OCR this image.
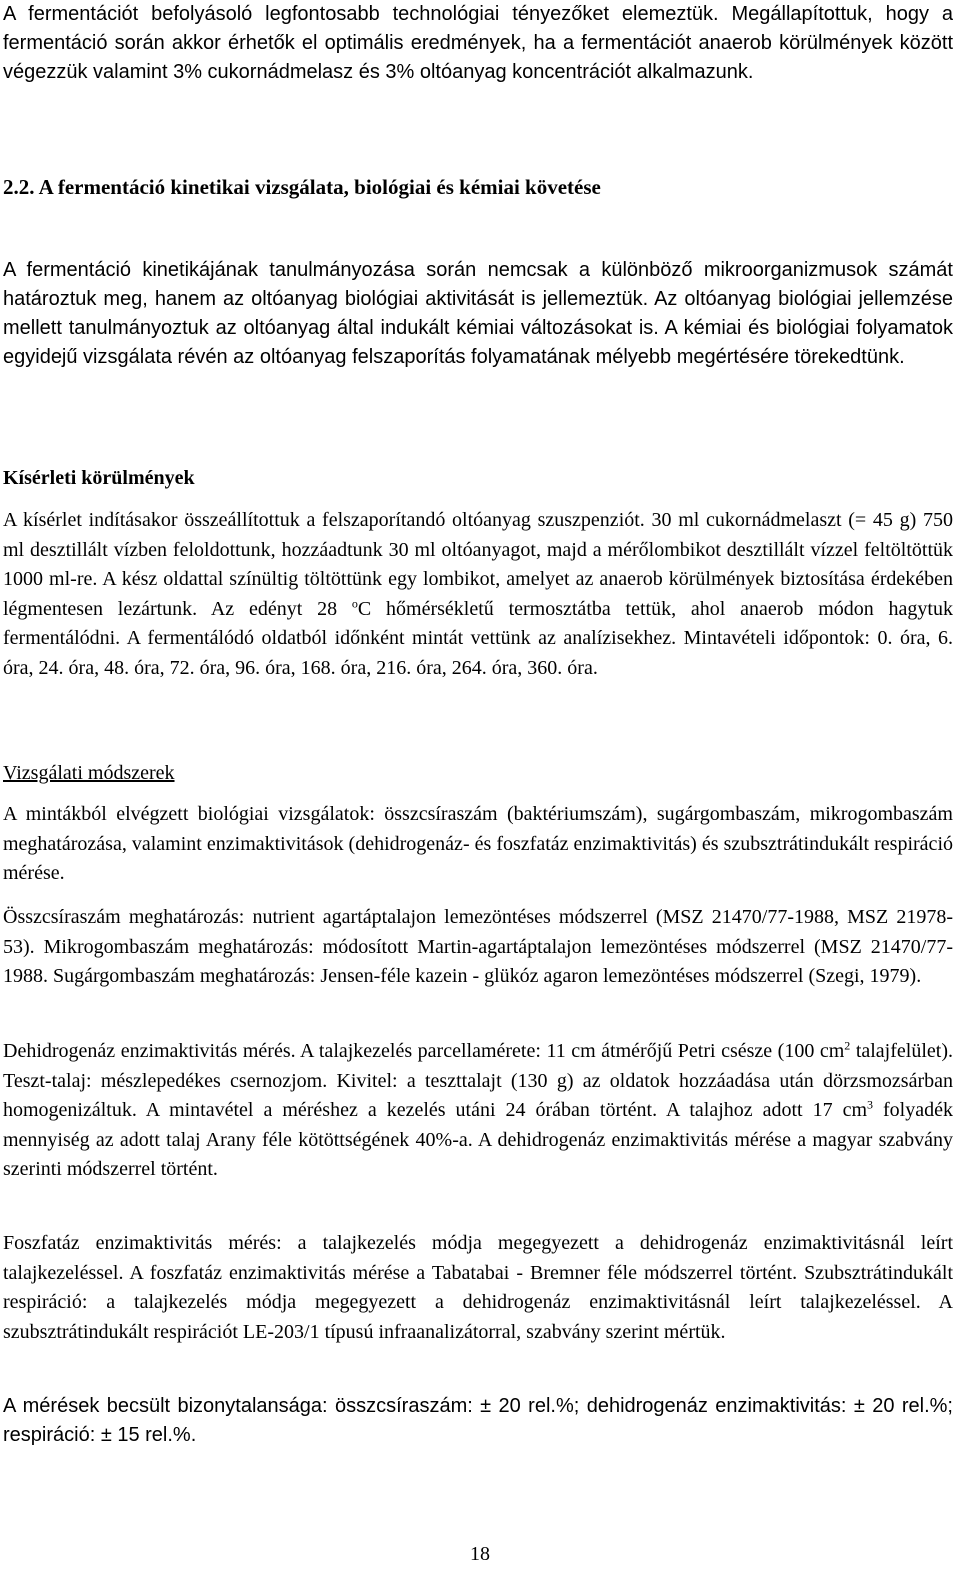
A fermentációt befolyásoló legfontosabb technológiai tényezőket elemeztük. Megállapítottuk, hogy a fermentáció során akkor érhetők el optimális eredmények, ha a fermentációt anaerob körülmények között végezzük valamint 3% cukornádmelasz és 3% oltóanyag koncentrációt alkalmazunk.

2.2. A fermentáció kinetikai vizsgálata, biológiai és kémiai követése

A fermentáció kinetikájának tanulmányozása során nemcsak a különböző mikroorganizmusok számát határoztuk meg, hanem az oltóanyag biológiai aktivitását is jellemeztük. Az oltóanyag biológiai jellemzése mellett tanulmányoztuk az oltóanyag által indukált kémiai változásokat is. A kémiai és biológiai folyamatok egyidejű vizsgálata révén az oltóanyag felszaporítás folyamatának mélyebb megértésére törekedtünk.

Kísérleti körülmények

A kísérlet indításakor összeállítottuk a felszaporítandó oltóanyag szuszpenziót. 30 ml cukornádmelaszt (= 45 g) 750 ml desztillált vízben feloldottunk, hozzáadtunk 30 ml oltóanyagot, majd a mérőlombikot desztillált vízzel feltöltöttük 1000 ml-re. A kész oldattal színültig töltöttünk egy lombikot, amelyet az anaerob körülmények biztosítása érdekében légmentesen lezártunk. Az edényt 28 $^o$C hőmérsékletű termosztátba tettük, ahol anaerob módon hagytuk fermentálódni. A fermentálódó oldatból időnként mintát vettünk az analízisekhez. Mintavételi időpontok: 0. óra, 6. óra, 24. óra, 48. óra, 72. óra, 96. óra, 168. óra, 216. óra, 264. óra, 360. óra.

Vizsgálati módszerek

A mintákból elvégzett biológiai vizsgálatok: összcsíraszám (baktériumszám), sugárgombaszám, mikrogombaszám meghatározása, valamint enzimaktivitások (dehidrogenáz- és foszfatáz enzimaktivitás) és szubsztrátindukált respiráció mérése.

Összcsíraszám meghatározás: nutrient agartáptalajon lemezöntéses módszerrel (MSZ 21470/77-1988, MSZ 21978-53). Mikrogombaszám meghatározás: módosított Martin-agartáptalajon lemezöntéses módszerrel (MSZ 21470/77-1988. Sugárgombaszám meghatározás: Jensen-féle kazein - glükóz agaron lemezöntéses módszerrel (Szegi, 1979).

Dehidrogenáz enzimaktivitás mérés. A talajkezelés parcellamérete: 11 cm átmérőjű Petri csésze (100 $cm^2$ talajfelület). Teszt-talaj: mészlepedékes csernozjom. Kivitel: a teszttalajt (130 g) az oldatok hozzáadása után dörzsmozsárban homogenizáltuk. A mintavétel a méréshez a kezelés utáni 24 órában történt. A talajhoz adott 17 $cm^3$ folyadék mennyiség az adott talaj Arany féle kötöttségének 40%-a. A dehidrogenáz enzimaktivitás mérése a magyar szabvány szerinti módszerrel történt.

Foszfatáz enzimaktivitás mérés: a talajkezelés módja megegyezett a dehidrogenáz enzimaktivitásnál leírt talajkezeléssel. A foszfatáz enzimaktivitás mérése a Tabatabai - Bremner féle módszerrel történt. Szubsztrátindukált respiráció: a talajkezelés módja megegyezett a dehidrogenáz enzimaktivitásnál leírt talajkezeléssel. A szubsztrátindukált respirációt LE-203/1 típusú infraanalizátorral, szabvány szerint mértük.

A mérések becsült bizonytalansága: összcsíraszám: ± 20 rel.%; dehidrogenáz enzimaktivitás: ± 20 rel.%; respiráció: ± 15 rel.%.

18
